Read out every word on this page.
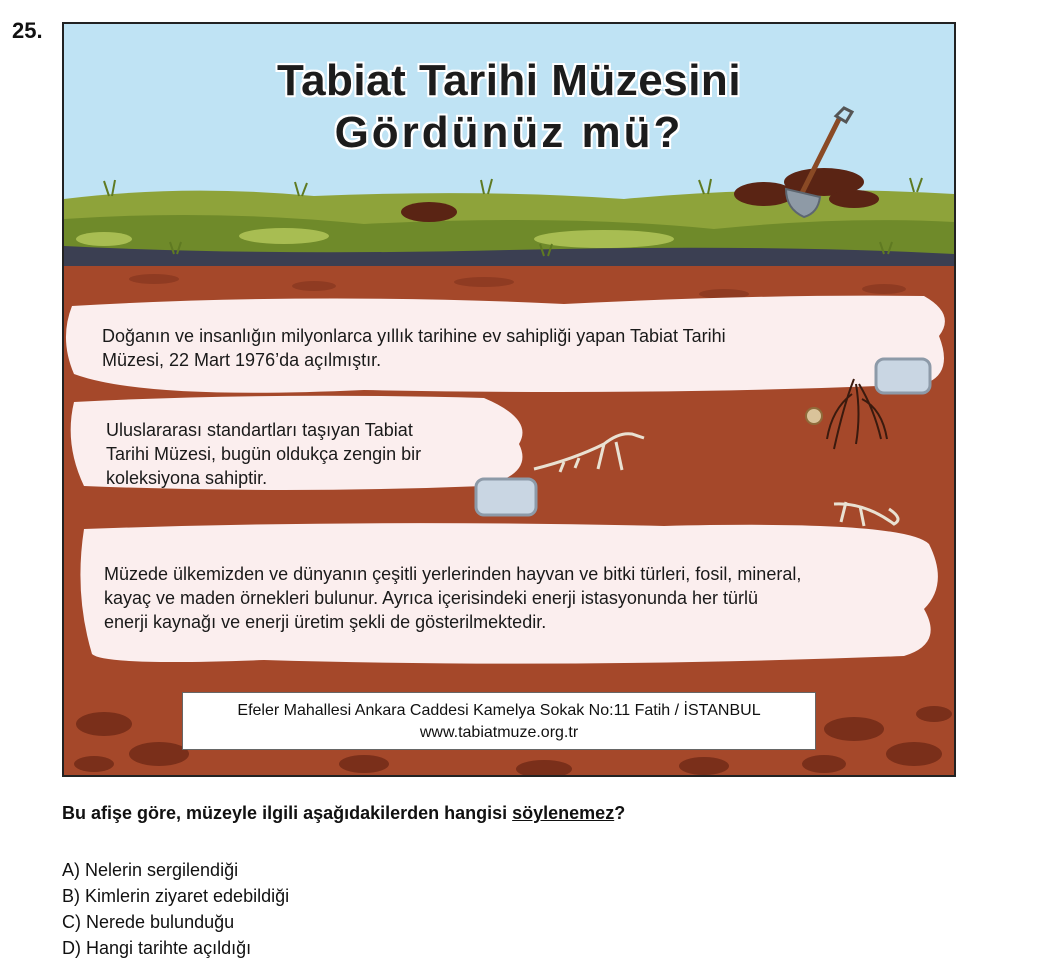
25.
Tabiat Tarihi Müzesini
Gördünüz mü?
Doğanın ve insanlığın milyonlarca yıllık tarihine ev sahipliği yapan Tabiat Tarihi
Müzesi, 22 Mart 1976’da açılmıştır.
Uluslararası standartları taşıyan Tabiat
Tarihi Müzesi, bugün oldukça zengin bir
koleksiyona sahiptir.
Müzede ülkemizden ve dünyanın çeşitli yerlerinden hayvan ve bitki türleri, fosil, mineral,
kayaç ve maden örnekleri bulunur. Ayrıca içerisindeki enerji istasyonunda her türlü
enerji kaynağı ve enerji üretim şekli de gösterilmektedir.
Efeler Mahallesi Ankara Caddesi Kamelya Sokak No:11 Fatih / İSTANBUL
www.tabiatmuze.org.tr
Bu afişe göre, müzeyle ilgili aşağıdakilerden hangisi söylenemez?
A) Nelerin sergilendiği
B) Kimlerin ziyaret edebildiği
C) Nerede bulunduğu
D) Hangi tarihte açıldığı
